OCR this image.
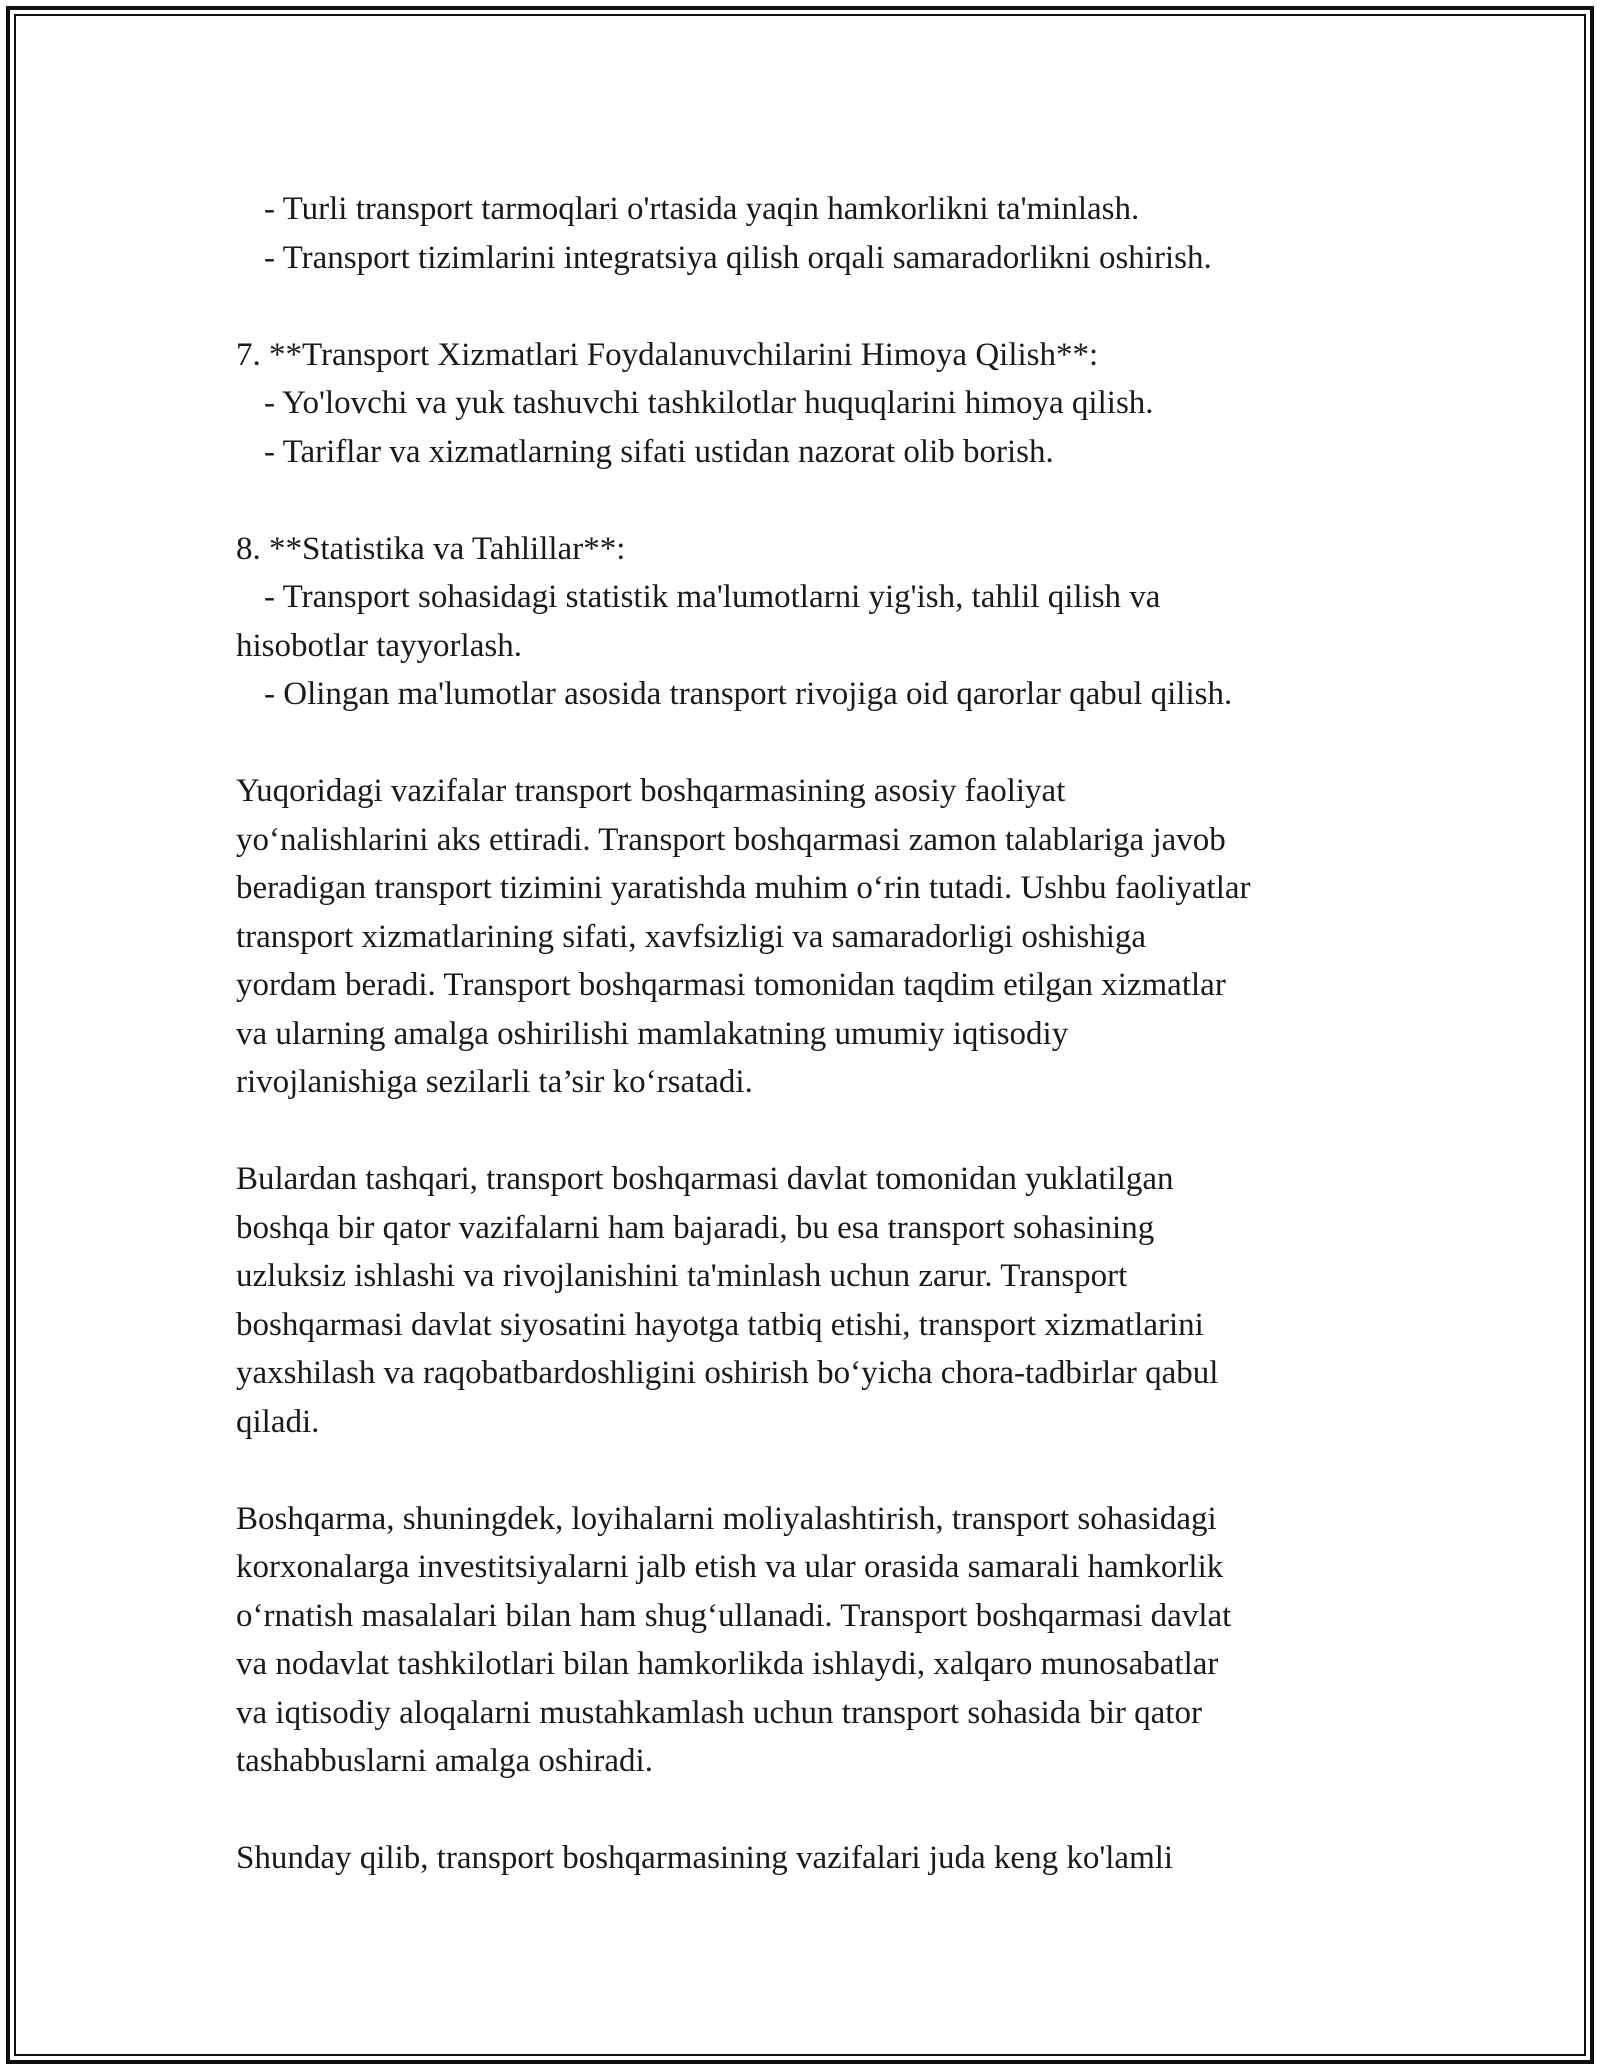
- Turli transport tarmoqlari o'rtasida yaqin hamkorlikni ta'minlash.
- Transport tizimlarini integratsiya qilish orqali samaradorlikni oshirish.
7. **Transport Xizmatlari Foydalanuvchilarini Himoya Qilish**:
- Yo'lovchi va yuk tashuvchi tashkilotlar huquqlarini himoya qilish.
- Tariflar va xizmatlarning sifati ustidan nazorat olib borish.
8. **Statistika va Tahlillar**:
- Transport sohasidagi statistik ma'lumotlarni yig'ish, tahlil qilish va
hisobotlar tayyorlash.
- Olingan ma'lumotlar asosida transport rivojiga oid qarorlar qabul qilish.
Yuqoridagi vazifalar transport boshqarmasining asosiy faoliyat
yo‘nalishlarini aks ettiradi. Transport boshqarmasi zamon talablariga javob
beradigan transport tizimini yaratishda muhim o‘rin tutadi. Ushbu faoliyatlar
transport xizmatlarining sifati, xavfsizligi va samaradorligi oshishiga
yordam beradi. Transport boshqarmasi tomonidan taqdim etilgan xizmatlar
va ularning amalga oshirilishi mamlakatning umumiy iqtisodiy
rivojlanishiga sezilarli ta’sir ko‘rsatadi.
Bulardan tashqari, transport boshqarmasi davlat tomonidan yuklatilgan
boshqa bir qator vazifalarni ham bajaradi, bu esa transport sohasining
uzluksiz ishlashi va rivojlanishini ta'minlash uchun zarur. Transport
boshqarmasi davlat siyosatini hayotga tatbiq etishi, transport xizmatlarini
yaxshilash va raqobatbardoshligini oshirish bo‘yicha chora-tadbirlar qabul
qiladi.
Boshqarma, shuningdek, loyihalarni moliyalashtirish, transport sohasidagi
korxonalarga investitsiyalarni jalb etish va ular orasida samarali hamkorlik
o‘rnatish masalalari bilan ham shug‘ullanadi. Transport boshqarmasi davlat
va nodavlat tashkilotlari bilan hamkorlikda ishlaydi, xalqaro munosabatlar
va iqtisodiy aloqalarni mustahkamlash uchun transport sohasida bir qator
tashabbuslarni amalga oshiradi.
Shunday qilib, transport boshqarmasining vazifalari juda keng ko'lamli
